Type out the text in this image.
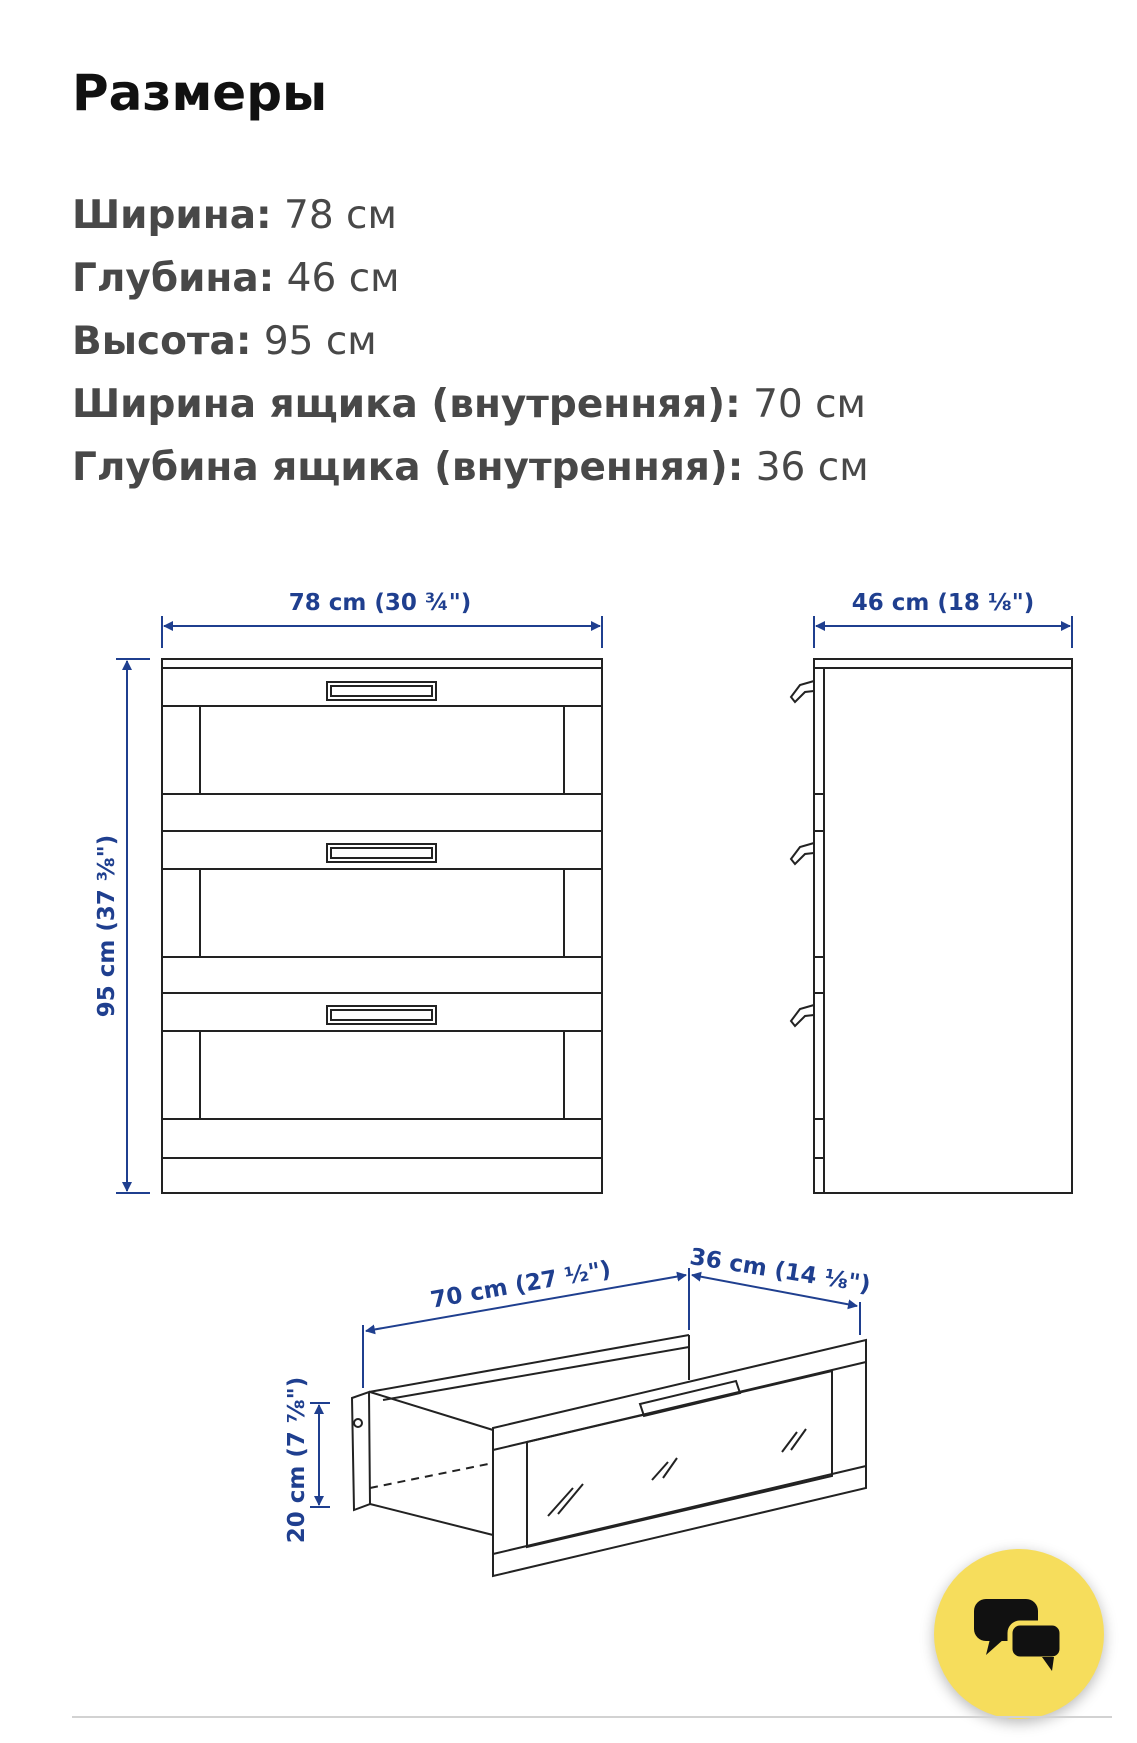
Размеры
Ширина: 78 см
Глубина: 46 см
Высота: 95 см
Ширина ящика (внутренняя): 70 см
Глубина ящика (внутренняя): 36 см
78 cm (30 ¾")	46 cm (18 ⅛")
95 cm (37 ⅜")
70 cm (27 ½")	36 cm (14 ⅛")
20 cm (7 ⅞")
